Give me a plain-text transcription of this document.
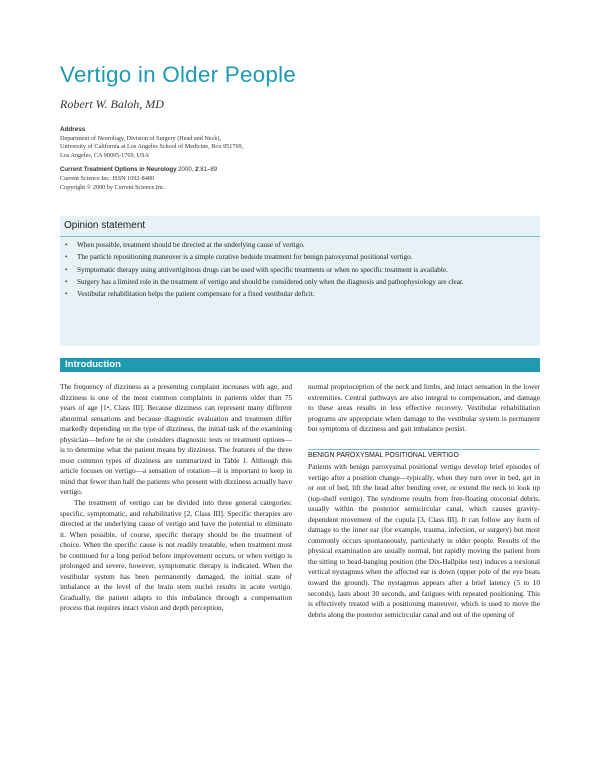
Vertigo in Older People
Robert W. Baloh, MD
Address
Department of Neurology, Division of Surgery (Head and Neck),
University of California at Los Angeles School of Medicine, Box 951769,
Los Angeles, CA 90095-1769, USA
Current Treatment Options in Neurology 2000, 2:81–89
Current Science Inc. ISSN 1092-8480
Copyright © 2000 by Current Science Inc.
Opinion statement
• When possible, treatment should be directed at the underlying cause of vertigo.
• The particle repositioning maneuver is a simple curative bedside treatment for benign paroxysmal positional vertigo.
• Symptomatic therapy using antivertiginous drugs can be used with specific treatments or when no specific treatment is available.
• Surgery has a limited role in the treatment of vertigo and should be considered only when the diagnosis and pathophysiology are clear.
• Vestibular rehabilitation helps the patient compensate for a fixed vestibular deficit.
Introduction

The frequency of dizziness as a presenting complaint increases with age, and dizziness is one of the most common complaints in patients older than 75 years of age [1•, Class III]. Because dizziness can represent many different abnormal sensations and because diagnostic evaluation and treatment differ markedly depending on the type of dizziness, the initial task of the examining physician—before he or she considers diagnostic tests or treatment options—is to determine what the patient means by dizziness. The features of the three most common types of dizziness are summarized in Table 1. Although this article focuses on vertigo—a sensation of rotation—it is important to keep in mind that fewer than half the patients who present with dizziness actually have vertigo.

The treatment of vertigo can be divided into three general categories: specific, symptomatic, and rehabilitative [2, Class III]. Specific therapies are directed at the underlying cause of vertigo and have the potential to eliminate it. When possible, of course, specific therapy should be the treatment of choice. When the specific cause is not readily treatable, when treatment must be continued for a long period before improvement occurs, or when vertigo is prolonged and severe, however, symptomatic therapy is indicated. When the vestibular system has been permanently damaged, the initial state of imbalance at the level of the brain stem nuclei results in acute vertigo. Gradually, the patient adapts to this imbalance through a compensation process that requires intact vision and depth perception,

normal proprioception of the neck and limbs, and intact sensation in the lower extremities. Central pathways are also integral to compensation, and damage to these areas results in less effective recovery. Vestibular rehabilitation programs are appropriate when damage to the vestibular system is permanent but symptoms of dizziness and gait imbalance persist.

BENIGN PAROXYSMAL POSITIONAL VERTIGO

Patients with benign paroxysmal positional vertigo develop brief episodes of vertigo after a position change—typically, when they turn over in bed, get in or out of bed, lift the head after bending over, or extend the neck to look up (top-shelf vertigo). The syndrome results from free-floating otoconial debris, usually within the posterior semicircular canal, which causes gravity-dependent movement of the cupula [3, Class III]. It can follow any form of damage to the inner ear (for example, trauma, infection, or surgery) but most commonly occurs spontaneously, particularly in older people. Results of the physical examination are usually normal, but rapidly moving the patient from the sitting to head-hanging position (the Dix-Hallpike test) induces a torsional vertical nystagmus when the affected ear is down (upper pole of the eye beats toward the ground). The nystagmus appears after a brief latency (5 to 10 seconds), lasts about 30 seconds, and fatigues with repeated positioning. This is effectively treated with a positioning maneuver, which is used to move the debris along the posterior semicircular canal and out of the opening of
